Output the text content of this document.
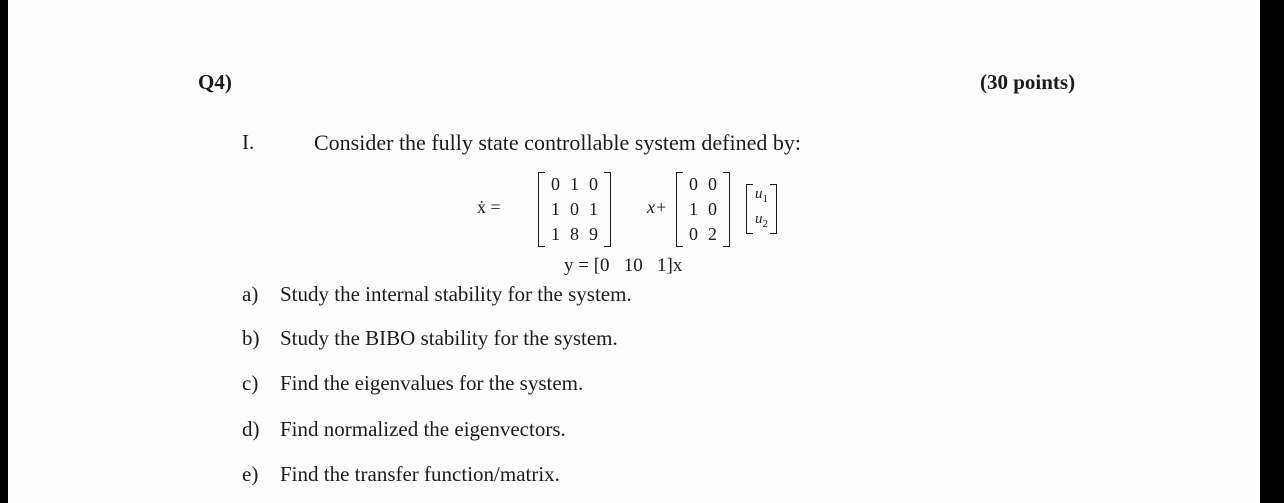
Q4)	(30 points)
I.	Consider the fully state controllable system defined by:
ẋ =
0	1	0
1	0	1
1	8	9
x+
0	0
1	0
0	2
$u_1$
$u_2$
y = [0   10   1]x
a) Study the internal stability for the system.
b) Study the BIBO stability for the system.
c) Find the eigenvalues for the system.
d) Find normalized the eigenvectors.
e) Find the transfer function/matrix.
